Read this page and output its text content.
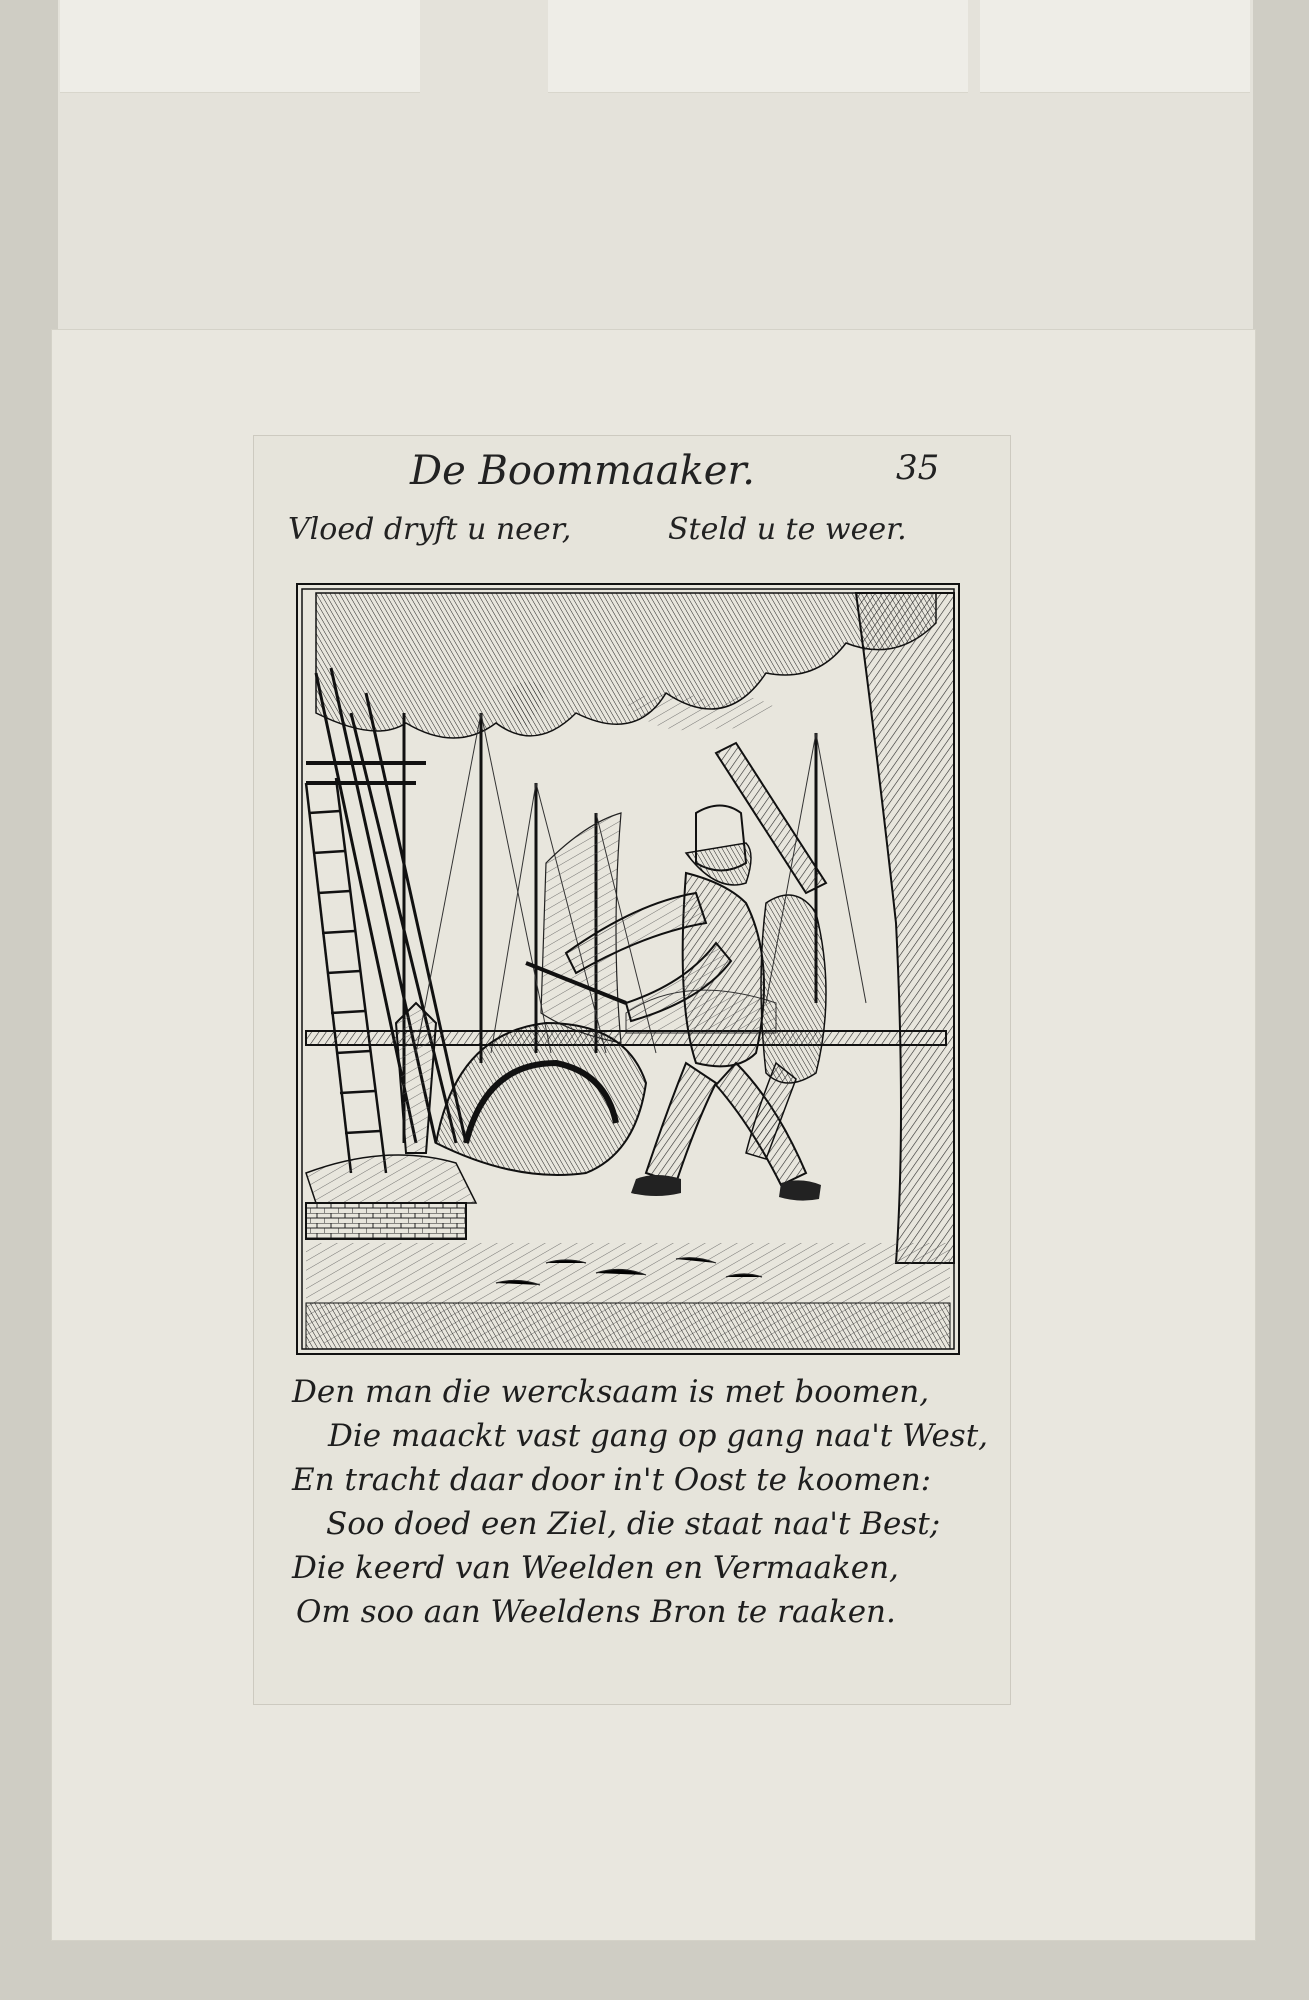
De Boommaaker.	35
Vloed dryft u neer,	Steld u te weer.
Den man die wercksaam is met boomen,
Die maackt vast gang op gang naa't West,
En tracht daar door in't Oost te koomen:
Soo doed een Ziel, die staat naa't Best;
Die keerd van Weelden en Vermaaken,
Om soo aan Weeldens Bron te raaken.
